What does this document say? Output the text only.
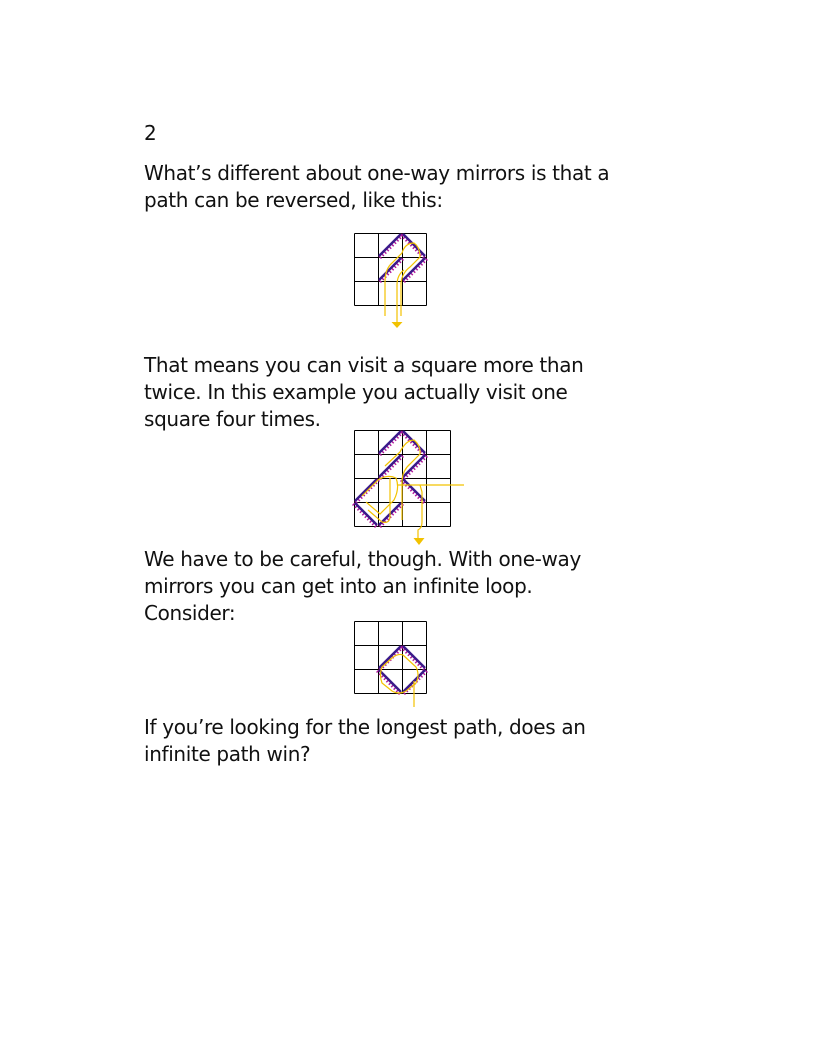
2

What’s different about one-way mirrors is that a path can be reversed, like this:

That means you can visit a square more than twice. In this example you actually visit one square four times.

We have to be careful, though. With one-way mirrors you can get into an infinite loop. Consider:

If you’re looking for the longest path, does an infinite path win?
